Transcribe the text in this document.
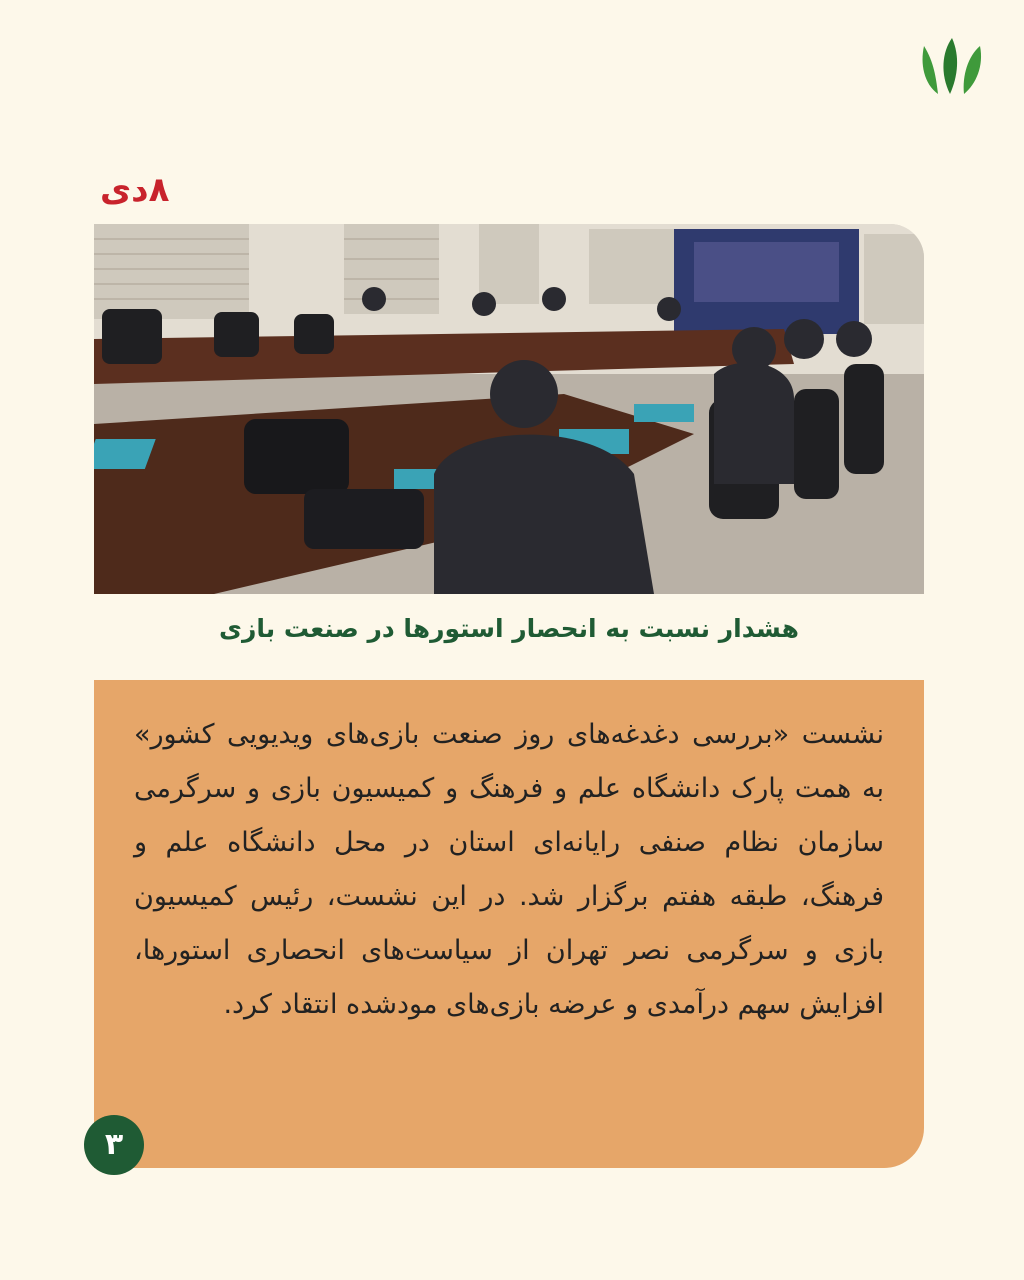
۸دی
هشدار نسبت به انحصار استورها در صنعت بازی
نشست «بررسی دغدغه‌های روز صنعت بازی‌های ویدیویی کشور» به همت پارک دانشگاه علم و فرهنگ و کمیسیون بازی و سرگرمی سازمان نظام صنفی رایانه‌ای استان در محل دانشگاه علم و فرهنگ، طبقه هفتم برگزار شد. در این نشست، رئیس کمیسیون بازی و سرگرمی نصر تهران از سیاست‌های انحصاری استورها، افزایش سهم درآمدی و عرضه بازی‌های مودشده انتقاد کرد.
۳
